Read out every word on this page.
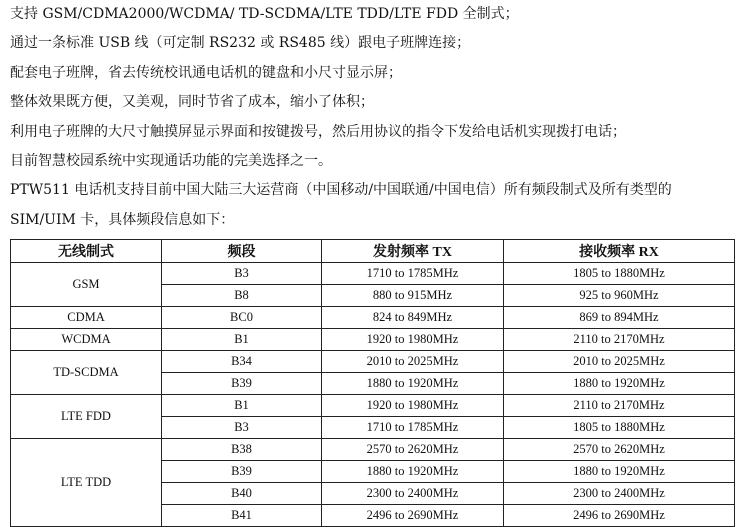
支持 GSM/CDMA2000/WCDMA/ TD-SCDMA/LTE TDD/LTE FDD 全制式；

通过一条标准 USB 线（可定制 RS232 或 RS485 线）跟电子班牌连接；

配套电子班牌，省去传统校讯通电话机的键盘和小尺寸显示屏；

整体效果既方便，又美观，同时节省了成本，缩小了体积；

利用电子班牌的大尺寸触摸屏显示界面和按键拨号，然后用协议的指令下发给电话机实现拨打电话；

目前智慧校园系统中实现通话功能的完美选择之一。

PTW511 电话机支持目前中国大陆三大运营商（中国移动/中国联通/中国电信）所有频段制式及所有类型的

SIM/UIM 卡，具体频段信息如下：

无线制式	频段	发射频率 TX	接收频率 RX
GSM	B3	1710 to 1785MHz	1805 to 1880MHz
	B8	880 to 915MHz	925 to 960MHz
CDMA	BC0	824 to 849MHz	869 to 894MHz
WCDMA	B1	1920 to 1980MHz	2110 to 2170MHz
TD-SCDMA	B34	2010 to 2025MHz	2010 to 2025MHz
	B39	1880 to 1920MHz	1880 to 1920MHz
LTE FDD	B1	1920 to 1980MHz	2110 to 2170MHz
	B3	1710 to 1785MHz	1805 to 1880MHz
LTE TDD	B38	2570 to 2620MHz	2570 to 2620MHz
	B39	1880 to 1920MHz	1880 to 1920MHz
	B40	2300 to 2400MHz	2300 to 2400MHz
	B41	2496 to 2690MHz	2496 to 2690MHz
